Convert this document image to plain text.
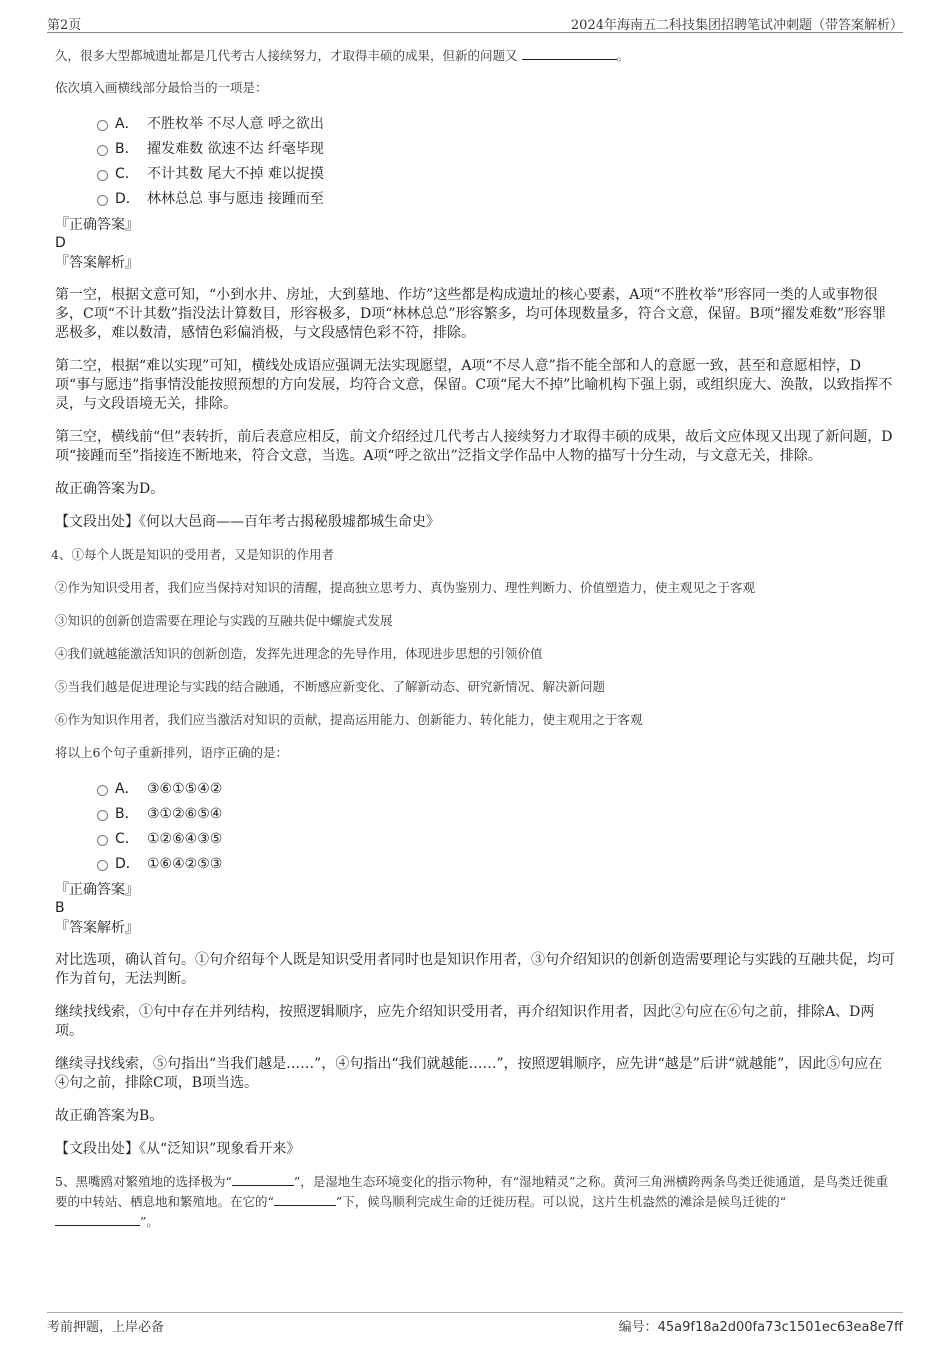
第2页	2024年海南五二科技集团招聘笔试冲刺题（带答案解析）

久，很多大型都城遗址都是几代考古人接续努力，才取得丰硕的成果，但新的问题又	。

依次填入画横线部分最恰当的一项是：

A． 不胜枚举 不尽人意 呼之欲出
B． 擢发难数 欲速不达 纤毫毕现
C． 不计其数 尾大不掉 难以捉摸
D． 林林总总 事与愿违 接踵而至

『正确答案』

D

『答案解析』

第一空，根据文意可知，“小到水井、房址，大到墓地、作坊”这些都是构成遗址的核心要素，A项“不胜枚举”形容同一类的人或事物很多，C项“不计其数”指没法计算数目，形容极多，D项“林林总总”形容繁多，均可体现数量多，符合文意，保留。B项“擢发难数”形容罪恶极多，难以数清，感情色彩偏消极，与文段感情色彩不符，排除。

第二空，根据“难以实现”可知，横线处成语应强调无法实现愿望，A项“不尽人意”指不能全部和人的意愿一致，甚至和意愿相悖，D项“事与愿违”指事情没能按照预想的方向发展，均符合文意，保留。C项“尾大不掉”比喻机构下强上弱，或组织庞大、涣散，以致指挥不灵，与文段语境无关，排除。

第三空，横线前“但”表转折，前后表意应相反，前文介绍经过几代考古人接续努力才取得丰硕的成果，故后文应体现又出现了新问题，D项“接踵而至”指接连不断地来，符合文意，当选。A项“呼之欲出”泛指文学作品中人物的描写十分生动，与文意无关，排除。

故正确答案为D。

【文段出处】《何以大邑商——百年考古揭秘殷墟都城生命史》

4、①每个人既是知识的受用者，又是知识的作用者

②作为知识受用者，我们应当保持对知识的清醒，提高独立思考力、真伪鉴别力、理性判断力、价值塑造力，使主观见之于客观

③知识的创新创造需要在理论与实践的互融共促中螺旋式发展

④我们就越能激活知识的创新创造，发挥先进理念的先导作用，体现进步思想的引领价值

⑤当我们越是促进理论与实践的结合融通，不断感应新变化、了解新动态、研究新情况、解决新问题

⑥作为知识作用者，我们应当激活对知识的贡献，提高运用能力、创新能力、转化能力，使主观用之于客观

将以上6个句子重新排列，语序正确的是：

A． ③⑥①⑤④②
B． ③①②⑥⑤④
C． ①②⑥④③⑤
D． ①⑥④②⑤③

『正确答案』

B

『答案解析』

对比选项，确认首句。①句介绍每个人既是知识受用者同时也是知识作用者，③句介绍知识的创新创造需要理论与实践的互融共促，均可作为首句，无法判断。

继续找线索，①句中存在并列结构，按照逻辑顺序，应先介绍知识受用者，再介绍知识作用者，因此②句应在⑥句之前，排除A、D两项。

继续寻找线索，⑤句指出“当我们越是……”，④句指出“我们就越能……”，按照逻辑顺序，应先讲“越是”后讲“就越能”，因此⑤句应在④句之前，排除C项，B项当选。

故正确答案为B。

【文段出处】《从“泛知识”现象看开来》

5、黑嘴鸥对繁殖地的选择极为“	”，是湿地生态环境变化的指示物种，有“湿地精灵”之称。黄河三角洲横跨两条鸟类迁徙通道，是鸟类迁徙重要的中转站、栖息地和繁殖地。在它的“	”下，候鸟顺利完成生命的迁徙历程。可以说，这片生机盎然的滩涂是候鸟迁徙的“
”。

考前押题，上岸必备	编号：45a9f18a2d00fa73c1501ec63ea8e7ff
